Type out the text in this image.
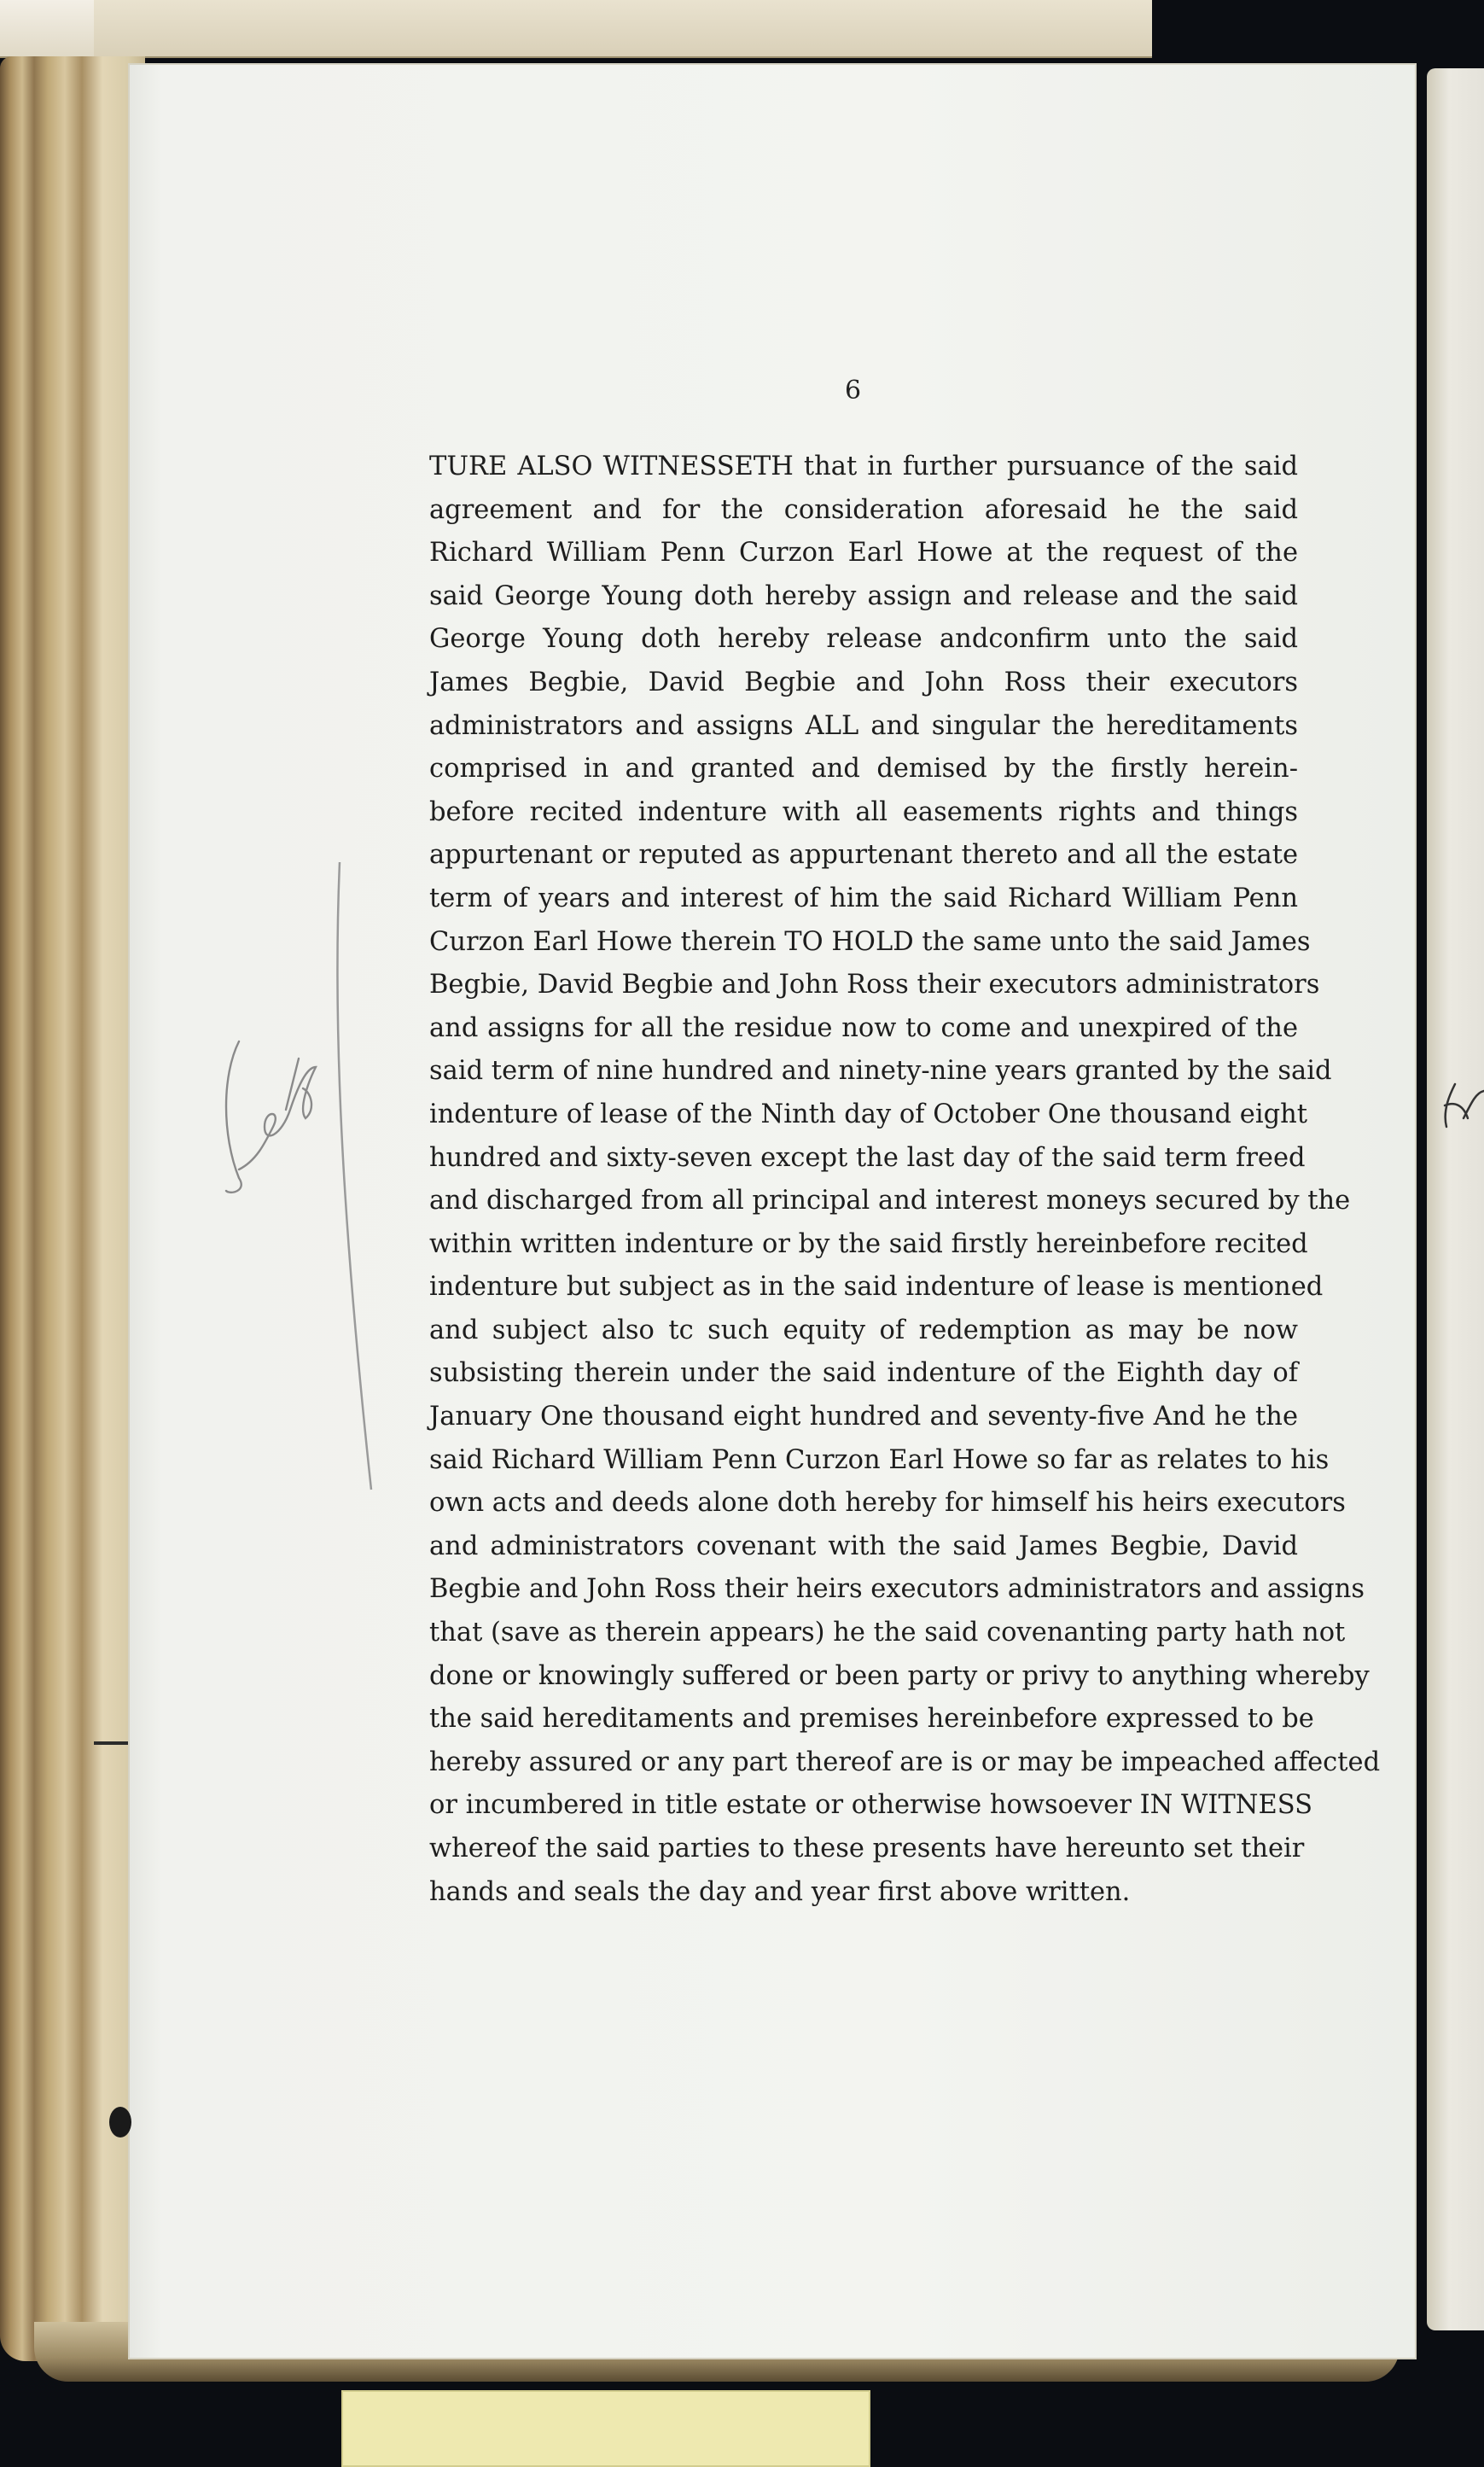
6
TURE ALSO WITNESSETH that in further pursuance of the said
agreement and for the consideration aforesaid he the said
Richard William Penn Curzon Earl Howe at the request of the
said George Young doth hereby assign and release and the said
George Young doth hereby release andconfirm unto the said
James Begbie, David Begbie and John Ross their executors
administrators and assigns ALL and singular the hereditaments
comprised in and granted and demised by the firstly herein-
before recited indenture with all easements rights and things
appurtenant or reputed as appurtenant thereto and all the estate
term of years and interest of him the said Richard William Penn
Curzon Earl Howe therein TO HOLD the same unto the said James
Begbie, David Begbie and John Ross their executors administrators
and assigns for all the residue now to come and unexpired of the
said term of nine hundred and ninety-nine years granted by the said
indenture of lease of the Ninth day of October One thousand eight
hundred and sixty-seven except the last day of the said term freed
and discharged from all principal and interest moneys secured by the
within written indenture or by the said firstly hereinbefore recited
indenture but subject as in the said indenture of lease is mentioned
and subject also tc such equity of redemption as may be now
subsisting therein under the said indenture of the Eighth day of
January One thousand eight hundred and seventy-five And he the
said Richard William Penn Curzon Earl Howe so far as relates to his
own acts and deeds alone doth hereby for himself his heirs executors
and administrators covenant with the said James Begbie, David
Begbie and John Ross their heirs executors administrators and assigns
that (save as therein appears) he the said covenanting party hath not
done or knowingly suffered or been party or privy to anything whereby
the said hereditaments and premises hereinbefore expressed to be
hereby assured or any part thereof are is or may be impeached affected
or incumbered in title estate or otherwise howsoever IN WITNESS
whereof the said parties to these presents have hereunto set their
hands and seals the day and year first above written.
